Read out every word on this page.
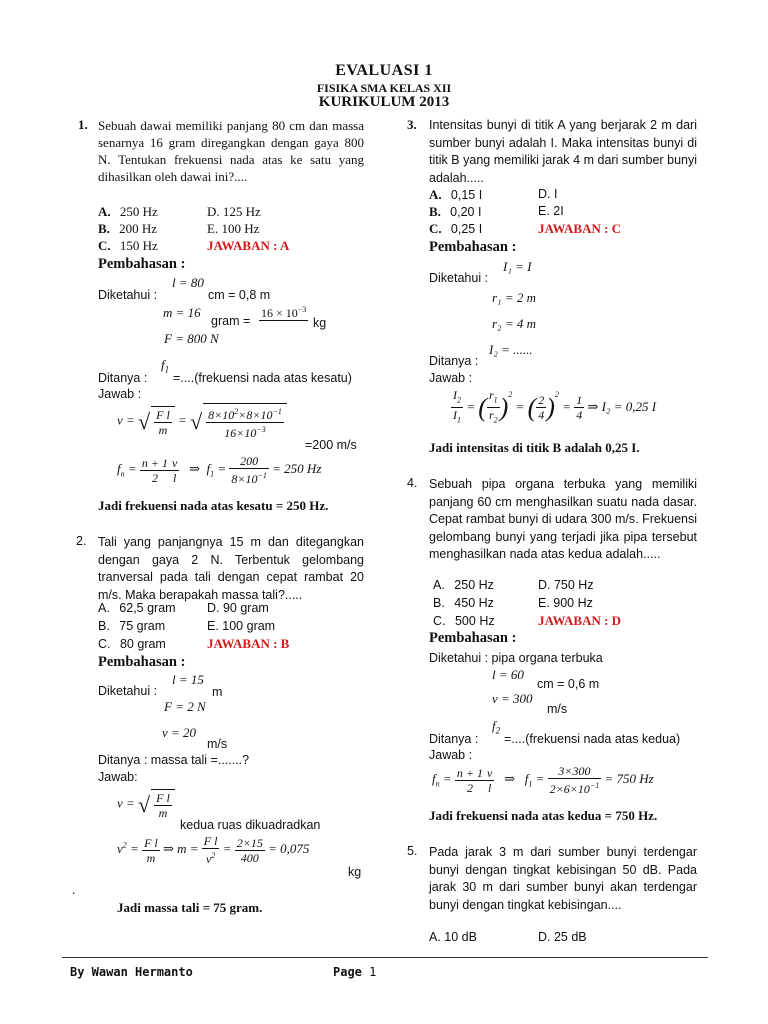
EVALUASI 1
FISIKA SMA KELAS XII
KURIKULUM 2013
1. Sebuah dawai memiliki panjang 80 cm dan massa senarnya 16 gram diregangkan dengan gaya 800 N. Tentukan frekuensi nada atas ke satu yang dihasilkan oleh dawai ini?....
A. 250 Hz	D. 125 Hz
B. 200 Hz	E. 100 Hz
C. 150 Hz	JAWABAN : A
Pembahasan :
Diketahui :
l = 80
cm = 0,8 m
m = 16
gram =
$16 \times 10^{-3}$

kg
F = 800 N
Ditanya :
$f_1$
=....(frekuensi nada atas kesatu)
Jawab :
v = √ $\frac{\text{F l}}{m}$ = √ $\frac{8\times 10^2\times 8\times 10^{-1}}{16\times 10^{-3}}$
=200 m/s
$f_n = \frac{n + 1}{2} \frac{v}{l}$ ⇒  $f_1 = \frac{200}{8\times 10^{-1}} = 250$ Hz
Jadi frekuensi nada atas kesatu = 250 Hz.
2. Tali yang panjangnya 15 m dan ditegangkan dengan gaya 2 N. Terbentuk gelombang tranversal pada tali dengan cepat rambat 20 m/s. Maka berapakah massa tali?.....
A. 62,5 gram	D. 90 gram
B. 75 gram	E. 100 gram
C. 80 gram	JAWABAN : B
Pembahasan :
Diketahui :
l = 15
m
F = 2 N
v = 20
m/s
Ditanya : massa tali =.......?
Jawab:
v = √ $\frac{\text{F l}}{m}$
kedua ruas dikuadradkan
$v^2 = \frac{\text{F l}}{m}$ ⇒ $m = \frac{\text{F l}}{v^2} = \frac{2\times 15}{400} = 0,075$
kg
.
Jadi massa tali = 75 gram.
3. Intensitas bunyi di titik A yang berjarak 2 m dari sumber bunyi adalah I. Maka intensitas bunyi di titik B yang memiliki jarak 4 m dari sumber bunyi adalah.....
A. 0,15 I	D. I
B. 0,20 I	E. 2I
C. 0,25 I	JAWABAN : C
Pembahasan :
I₁ = I
Diketahui :
r₁ = 2 m
r₂ = 4 m
I₂ = ......
Ditanya :
Jawab :
$\frac{I_2}{I_1}$ = ( $\frac{r_1}{r_2} )^2$ = ( $\frac{2}{4} )^2 = \frac{1}{4}$ ⇒ I₂ = 0,25 I
Jadi intensitas di titik B adalah 0,25 I.
4. Sebuah pipa organa terbuka yang memiliki panjang 60 cm menghasilkan suatu nada dasar. Cepat rambat bunyi di udara 300 m/s. Frekuensi gelombang bunyi yang terjadi jika pipa tersebut menghasilkan nada atas kedua adalah.....
A. 250 Hz	D. 750 Hz
B. 450 Hz	E. 900 Hz
C. 500 Hz	JAWABAN : D
Pembahasan :
Diketahui : pipa organa terbuka
l = 60
cm = 0,6 m
v = 300
m/s
Ditanya :
$f_2$
=....(frekuensi nada atas kedua)
Jawab :
$f_n = \frac{n + 1}{2} \frac{v}{l}$ ⇒   $f_1 = \frac{3\times 300}{2\times 6\times 10^{-1}} = 750$ Hz
Jadi frekuensi nada atas kedua = 750 Hz.
5. Pada jarak 3 m dari sumber bunyi terdengar bunyi dengan tingkat kebisingan 50 dB. Pada jarak 30 m dari sumber bunyi akan terdengar bunyi dengan tingkat kebisingan....
A. 10 dB	D. 25 dB
By Wawan Hermanto	Page 1
